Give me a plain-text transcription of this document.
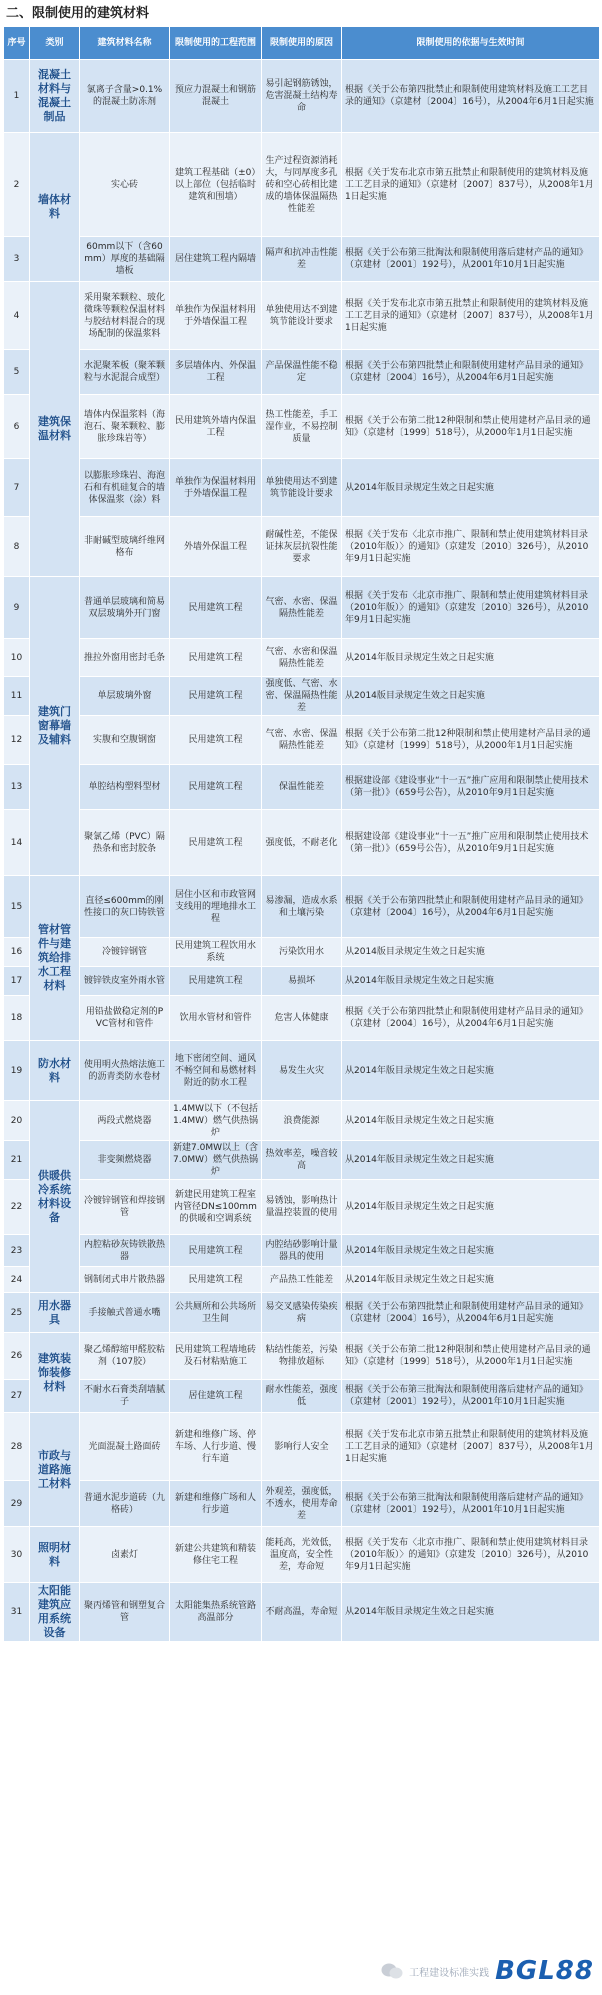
二、限制使用的建筑材料
序号	类别	建筑材料名称	限制使用的工程范围	限制使用的原因	限制使用的依据与生效时间
1	混凝土材料与混凝土制品	氯离子含量>0.1%的混凝土防冻剂	预应力混凝土和钢筋混凝土	易引起钢筋锈蚀，危害混凝土结构寿命	根据《关于公布第四批禁止和限制使用建筑材料及施工工艺目录的通知》（京建材〔2004〕16号），从2004年6月1日起实施
2	墙体材料	实心砖	建筑工程基础（±0）以上部位（包括临时建筑和围墙）	生产过程资源消耗大，与同厚度多孔砖和空心砖相比建成的墙体保温隔热性能差	根据《关于发布北京市第五批禁止和限制使用的建筑材料及施工工艺目录的通知》（京建材〔2007〕837号），从2008年1月1日起实施
3		60mm以下（含60mm）厚度的基础隔墙板	居住建筑工程内隔墙	隔声和抗冲击性能差	根据《关于公布第三批淘汰和限制使用落后建材产品的通知》（京建材〔2001〕192号），从2001年10月1日起实施
4	建筑保温材料	采用聚苯颗粒、玻化微珠等颗粒保温材料与胶结材料混合的现场配制的保温浆料	单独作为保温材料用于外墙保温工程	单独使用达不到建筑节能设计要求	根据《关于发布北京市第五批禁止和限制使用的建筑材料及施工工艺目录的通知》（京建材〔2007〕837号），从2008年1月1日起实施
5		水泥聚苯板（聚苯颗粒与水泥混合成型）	多层墙体内、外保温工程	产品保温性能不稳定	根据《关于公布第四批禁止和限制使用建材产品目录的通知》（京建材〔2004〕16号），从2004年6月1日起实施
6		墙体内保温浆料（海泡石、聚苯颗粒、膨胀珍珠岩等）	民用建筑外墙内保温工程	热工性能差，手工湿作业，不易控制质量	根据《关于公布第二批12种限制和禁止使用建材产品目录的通知》（京建材〔1999〕518号），从2000年1月1日起实施
7		以膨胀珍珠岩、海泡石和有机硅复合的墙体保温浆（涂）料	单独作为保温材料用于外墙保温工程	单独使用达不到建筑节能设计要求	从2014年版目录规定生效之日起实施
8		非耐碱型玻璃纤维网格布	外墙外保温工程	耐碱性差，不能保证抹灰层抗裂性能要求	根据《关于发布〈北京市推广、限制和禁止使用建筑材料目录（2010年版）〉的通知》（京建发〔2010〕326号），从2010年9月1日起实施
9	建筑门窗幕墙及辅料	普通单层玻璃和简易双层玻璃外开门窗	民用建筑工程	气密、水密、保温隔热性能差	根据《关于发布〈北京市推广、限制和禁止使用建筑材料目录（2010年版）〉的通知》（京建发〔2010〕326号），从2010年9月1日起实施
10		推拉外窗用密封毛条	民用建筑工程	气密、水密和保温隔热性能差	从2014年版目录规定生效之日起实施
11		单层玻璃外窗	民用建筑工程	强度低、气密、水密、保温隔热性能差	从2014版目录规定生效之日起实施
12		实腹和空腹钢窗	民用建筑工程	气密、水密、保温隔热性能差	根据《关于公布第二批12种限制和禁止使用建材产品目录的通知》（京建材〔1999〕518号），从2000年1月1日起实施
13		单腔结构塑料型材	民用建筑工程	保温性能差	根据建设部《建设事业“十一五”推广应用和限制禁止使用技术（第一批）》（659号公告），从2010年9月1日起实施
14		聚氯乙烯（PVC）隔热条和密封胶条	民用建筑工程	强度低，不耐老化	根据建设部《建设事业“十一五”推广应用和限制禁止使用技术（第一批）》（659号公告），从2010年9月1日起实施
15	管材管件与建筑给排水工程材料	直径≤600mm的刚性接口的灰口铸铁管	居住小区和市政管网支线用的埋地排水工程	易渗漏，造成水系和土壤污染	根据《关于公布第四批禁止和限制使用建材产品目录的通知》（京建材〔2004〕16号），从2004年6月1日起实施
16		冷镀锌钢管	民用建筑工程饮用水系统	污染饮用水	从2014版目录规定生效之日起实施
17		镀锌铁皮室外雨水管	民用建筑工程	易损坏	从2014年版目录规定生效之日起实施
18		用铅盐做稳定剂的PVC管材和管件	饮用水管材和管件	危害人体健康	根据《关于公布第四批禁止和限制使用建材产品目录的通知》（京建材〔2004〕16号），从2004年6月1日起实施
19	防水材料	使用明火热熔法施工的沥青类防水卷材	地下密闭空间、通风不畅空间和易燃材料附近的防水工程	易发生火灾	从2014年版目录规定生效之日起实施
20	供暖供冷系统材料设备	两段式燃烧器	1.4MW以下（不包括1.4MW）燃气供热锅炉	浪费能源	从2014年版目录规定生效之日起实施
21		非变频燃烧器	新建7.0MW以上（含7.0MW）燃气供热锅炉	热效率差，噪音较高	从2014年版目录规定生效之日起实施
22		冷镀锌钢管和焊接钢管	新建民用建筑工程室内管径DN≤100mm的供暖和空调系统	易锈蚀，影响热计量温控装置的使用	从2014年版目录规定生效之日起实施
23		内腔粘砂灰铸铁散热器	民用建筑工程	内腔结砂影响计量器具的使用	从2014年版目录规定生效之日起实施
24		钢制闭式串片散热器	民用建筑工程	产品热工性能差	从2014年版目录规定生效之日起实施
25	用水器具	手接触式普通水嘴	公共厕所和公共场所卫生间	易交叉感染传染疾病	根据《关于公布第四批禁止和限制使用建材产品目录的通知》（京建材〔2004〕16号），从2004年6月1日起实施
26	建筑装饰装修材料	聚乙烯醇缩甲醛胶粘剂（107胶）	民用建筑工程墙地砖及石材粘贴施工	粘结性能差，污染物排放超标	根据《关于公布第二批12种限制和禁止使用建材产品目录的通知》（京建材〔1999〕518号），从2000年1月1日起实施
27		不耐水石膏类刮墙腻子	居住建筑工程	耐水性能差，强度低	根据《关于公布第三批淘汰和限制使用落后建材产品的通知》（京建材〔2001〕192号），从2001年10月1日起实施
28	市政与道路施工材料	光面混凝土路面砖	新建和维修广场、停车场、人行步道、慢行车道	影响行人安全	根据《关于发布北京市第五批禁止和限制使用的建筑材料及施工工艺目录的通知》（京建材〔2007〕837号），从2008年1月1日起实施
29		普通水泥步道砖（九格砖）	新建和维修广场和人行步道	外观差，强度低，不透水，使用寿命差	根据《关于公布第三批淘汰和限制使用落后建材产品的通知》（京建材〔2001〕192号），从2001年10月1日起实施
30	照明材料	卤素灯	新建公共建筑和精装修住宅工程	能耗高，光效低，温度高，安全性差，寿命短	根据《关于发布〈北京市推广、限制和禁止使用建筑材料目录（2010年版）〉的通知》（京建发〔2010〕326号），从2010年9月1日起实施
31	太阳能建筑应用系统设备	聚丙烯管和钢塑复合管	太阳能集热系统管路高温部分	不耐高温，寿命短	从2014年版目录规定生效之日起实施
工程建设标准实践 BGL88
